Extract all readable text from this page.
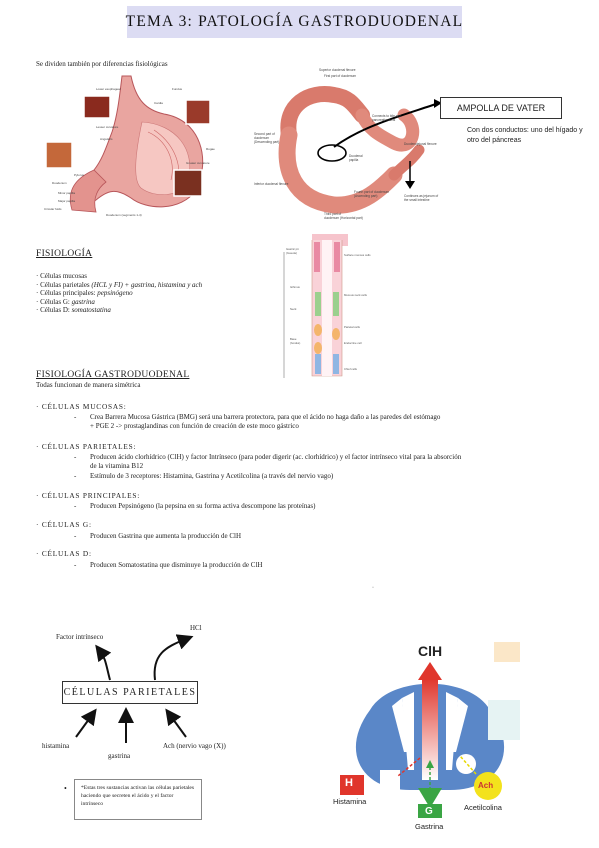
TEMA 3: PATOLOGÍA GASTRODUODENAL
Se dividen también por diferencias fisiológicas
Lower esophageal
Lesser curvature
Angularis
Pylorus
Duodenum
Minor papilla
Major papilla
Circular folds
Greater curvature
Rugae
Fundus
Cardia
Duodenum (segments 1-4)
Superior duodenal flexure
First part of duodenum
Second part of
duodenum
(Descending part)
Inferior duodenal flexure
Third part of
duodenum (Horizontal part)
Fourth part of duodenum
(Ascending part)
Duodenojejunal flexure
Continues as jejunum of
the small intestine
Duodenal
papilla
Connects to bile and
pancreatic ducts
AMPOLLA DE VATER
Con dos conductos: uno del hígado y otro del páncreas
FISIOLOGÍA
· Células mucosas
· Células parietales (HCL y FI) + gastrina, histamina y ach
· Células principales: pepsinógeno
· Células G: gastrina
· Células D: somatostatina
Gastric pit
(foveola)	Surface mucous cells
Isthmus
Neck
Base
(fundus)
Mucous neck cells
Parietal cells
Endocrine cell
Chief cells
FISIOLOGÍA GASTRODUODENAL
Todas funcionan de manera simétrica
· CÉLULAS MUCOSAS:
- Crea Barrera Mucosa Gástrica (BMG) será una barrera protectora, para que el ácido no haga daño a las paredes del estómago
+ PGE 2 -> prostaglandinas con función de creación de este moco gástrico
· CÉLULAS PARIETALES:
- Producen ácido clorhídrico (ClH) y factor Intrínseco (para poder digerir (ac. clorhídrico) y el factor intrínseco vital para la absorción
de la vitamina B12
- Estímulo de 3 receptores: Histamina, Gastrina y Acetilcolina (a través del nervio vago)
· CÉLULAS PRINCIPALES:
- Producen Pepsinógeno (la pepsina en su forma activa descompone las proteínas)
· CÉLULAS G:
- Producen Gastrina que aumenta la producción de ClH
· CÉLULAS D:
- Producen Somatostatina que disminuye la producción de ClH
HCl
Factor intrínseco
CÉLULAS PARIETALES
histamina
gastrina
Ach (nervio vago (X))
•	*Estas tres sustancias activan las células parietales haciendo que secreten el ácido y el factor intrínseco
·
ClH
H
Histamina
G
Gastrina
Ach
Acetilcolina
